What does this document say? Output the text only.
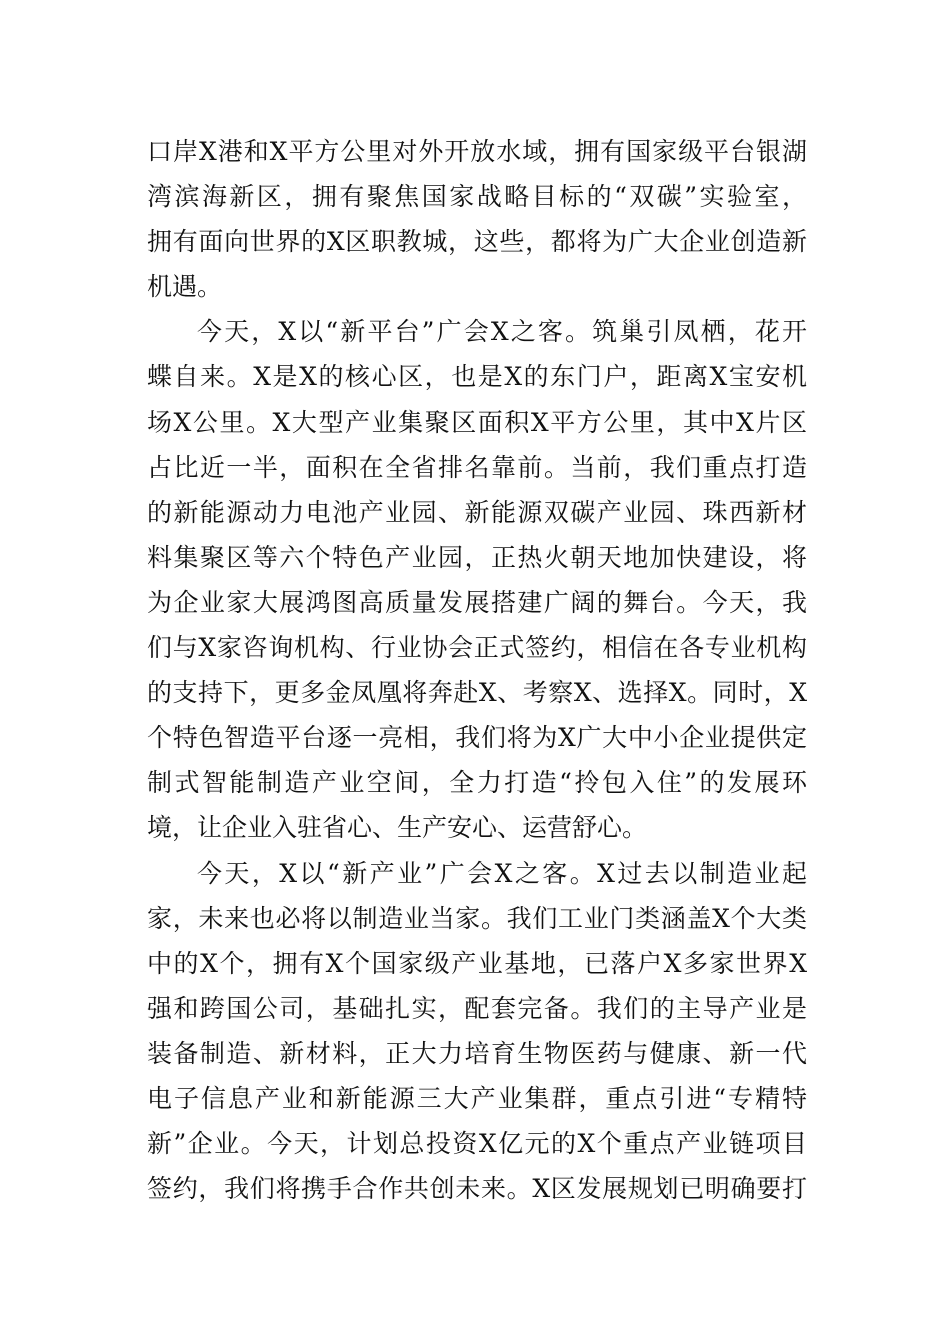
口岸X港和X平方公里对外开放水域，拥有国家级平台银湖
湾滨海新区，拥有聚焦国家战略目标的“双碳”实验室，
拥有面向世界的X区职教城，这些，都将为广大企业创造新
机遇。
今天，X以“新平台”广会X之客。筑巢引凤栖，花开
蝶自来。X是X的核心区，也是X的东门户，距离X宝安机
场X公里。X大型产业集聚区面积X平方公里，其中X片区
占比近一半，面积在全省排名靠前。当前，我们重点打造
的新能源动力电池产业园、新能源双碳产业园、珠西新材
料集聚区等六个特色产业园，正热火朝天地加快建设，将
为企业家大展鸿图高质量发展搭建广阔的舞台。今天，我
们与X家咨询机构、行业协会正式签约，相信在各专业机构
的支持下，更多金凤凰将奔赴X、考察X、选择X。同时，X
个特色智造平台逐一亮相，我们将为X广大中小企业提供定
制式智能制造产业空间，全力打造“拎包入住”的发展环
境，让企业入驻省心、生产安心、运营舒心。
今天，X以“新产业”广会X之客。X过去以制造业起
家，未来也必将以制造业当家。我们工业门类涵盖X个大类
中的X个，拥有X个国家级产业基地，已落户X多家世界X
强和跨国公司，基础扎实，配套完备。我们的主导产业是
装备制造、新材料，正大力培育生物医药与健康、新一代
电子信息产业和新能源三大产业集群，重点引进“专精特
新”企业。今天，计划总投资X亿元的X个重点产业链项目
签约，我们将携手合作共创未来。X区发展规划已明确要打
